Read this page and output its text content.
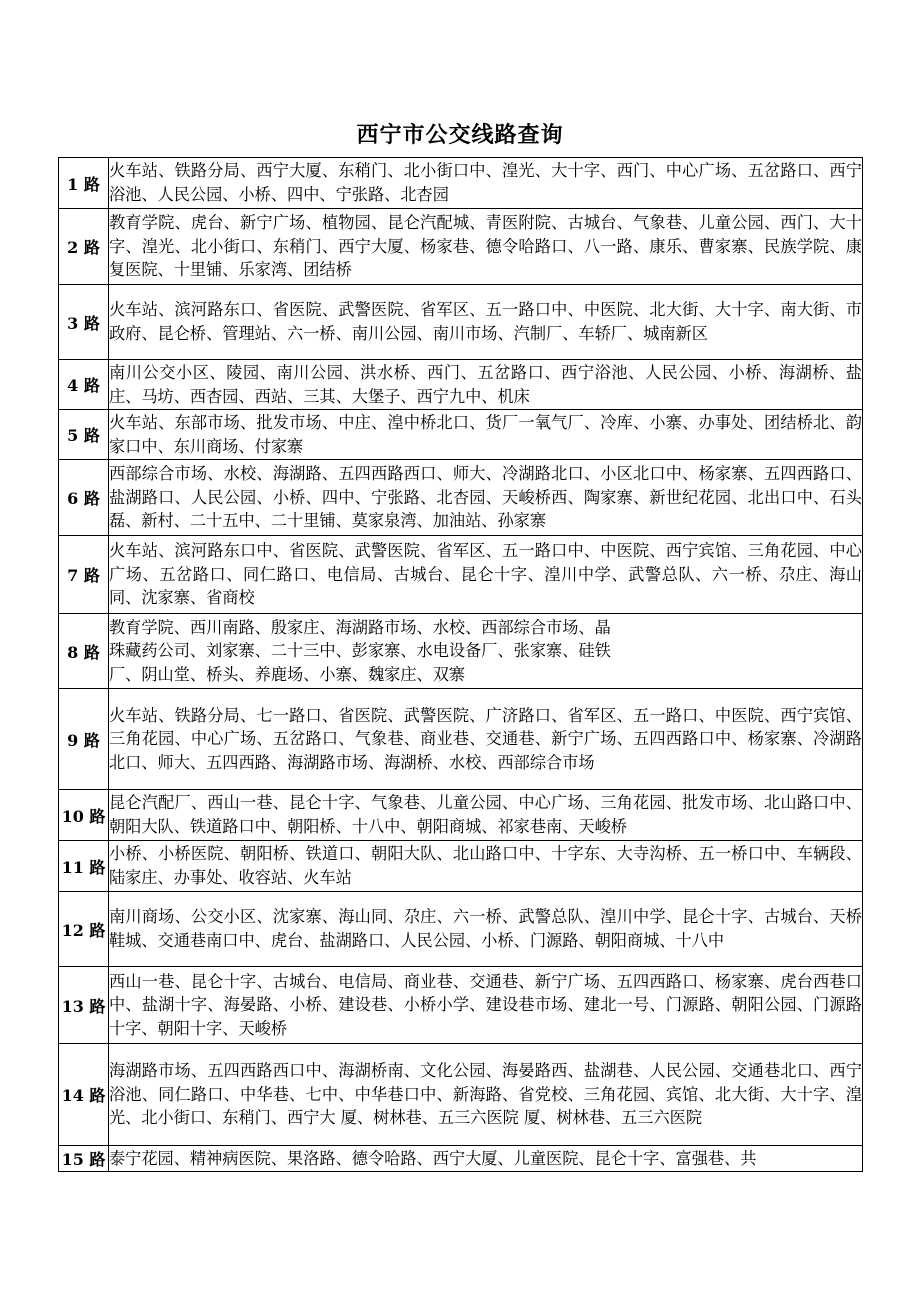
西宁市公交线路查询
1 路	火车站、铁路分局、西宁大厦、东稍门、北小街口中、湟光、大十字、西门、中心广场、五岔路口、西宁浴池、人民公园、小桥、四中、宁张路、北杏园
2 路	教育学院、虎台、新宁广场、植物园、昆仑汽配城、青医附院、古城台、气象巷、儿童公园、西门、大十字、湟光、北小街口、东稍门、西宁大厦、杨家巷、德令哈路口、八一路、康乐、曹家寨、民族学院、康复医院、十里铺、乐家湾、团结桥
3 路	火车站、滨河路东口、省医院、武警医院、省军区、五一路口中、中医院、北大街、大十字、南大街、市政府、昆仑桥、管理站、六一桥、南川公园、南川市场、汽制厂、车轿厂、城南新区
4 路	南川公交小区、陵园、南川公园、洪水桥、西门、五岔路口、西宁浴池、人民公园、小桥、海湖桥、盐庄、马坊、西杏园、西站、三其、大堡子、西宁九中、机床
5 路	火车站、东部市场、批发市场、中庄、湟中桥北口、货厂一氧气厂、冷库、小寨、办事处、团结桥北、韵家口中、东川商场、付家寨
6 路	西部综合市场、水校、海湖路、五四西路西口、师大、冷湖路北口、小区北口中、杨家寨、五四西路口、盐湖路口、人民公园、小桥、四中、宁张路、北杏园、天峻桥西、陶家寨、新世纪花园、北出口中、石头磊、新村、二十五中、二十里铺、莫家泉湾、加油站、孙家寨
7 路	火车站、滨河路东口中、省医院、武警医院、省军区、五一路口中、中医院、西宁宾馆、三角花园、中心广场、五岔路口、同仁路口、电信局、古城台、昆仑十字、湟川中学、武警总队、六一桥、尕庄、海山同、沈家寨、省商校
8 路	教育学院、西川南路、殷家庄、海湖路市场、水校、西部综合市场、晶
珠藏药公司、刘家寨、二十三中、彭家寨、水电设备厂、张家寨、硅铁
厂、阴山堂、桥头、养鹿场、小寨、魏家庄、双寨
9 路	火车站、铁路分局、七一路口、省医院、武警医院、广济路口、省军区、五一路口、中医院、西宁宾馆、三角花园、中心广场、五岔路口、气象巷、商业巷、交通巷、新宁广场、五四西路口中、杨家寨、冷湖路北口、师大、五四西路、海湖路市场、海湖桥、水校、西部综合市场
10 路	昆仑汽配厂、西山一巷、昆仑十字、气象巷、儿童公园、中心广场、三角花园、批发市场、北山路口中、朝阳大队、铁道路口中、朝阳桥、十八中、朝阳商城、祁家巷南、天峻桥
11 路	小桥、小桥医院、朝阳桥、铁道口、朝阳大队、北山路口中、十字东、大寺沟桥、五一桥口中、车辆段、陆家庄、办事处、收容站、火车站
12 路	南川商场、公交小区、沈家寨、海山同、尕庄、六一桥、武警总队、湟川中学、昆仑十字、古城台、天桥鞋城、交通巷南口中、虎台、盐湖路口、人民公园、小桥、门源路、朝阳商城、十八中
13 路	西山一巷、昆仑十字、古城台、电信局、商业巷、交通巷、新宁广场、五四西路口、杨家寨、虎台西巷口中、盐湖十字、海晏路、小桥、建设巷、小桥小学、建设巷市场、建北一号、门源路、朝阳公园、门源路十字、朝阳十字、天峻桥
14 路	海湖路市场、五四西路西口中、海湖桥南、文化公园、海晏路西、盐湖巷、人民公园、交通巷北口、西宁浴池、同仁路口、中华巷、七中、中华巷口中、新海路、省党校、三角花园、宾馆、北大街、大十字、湟光、北小街口、东稍门、西宁大 厦、树林巷、五三六医院 厦、树林巷、五三六医院
15 路	泰宁花园、精神病医院、果洛路、德令哈路、西宁大厦、儿童医院、昆仑十字、富强巷、共
